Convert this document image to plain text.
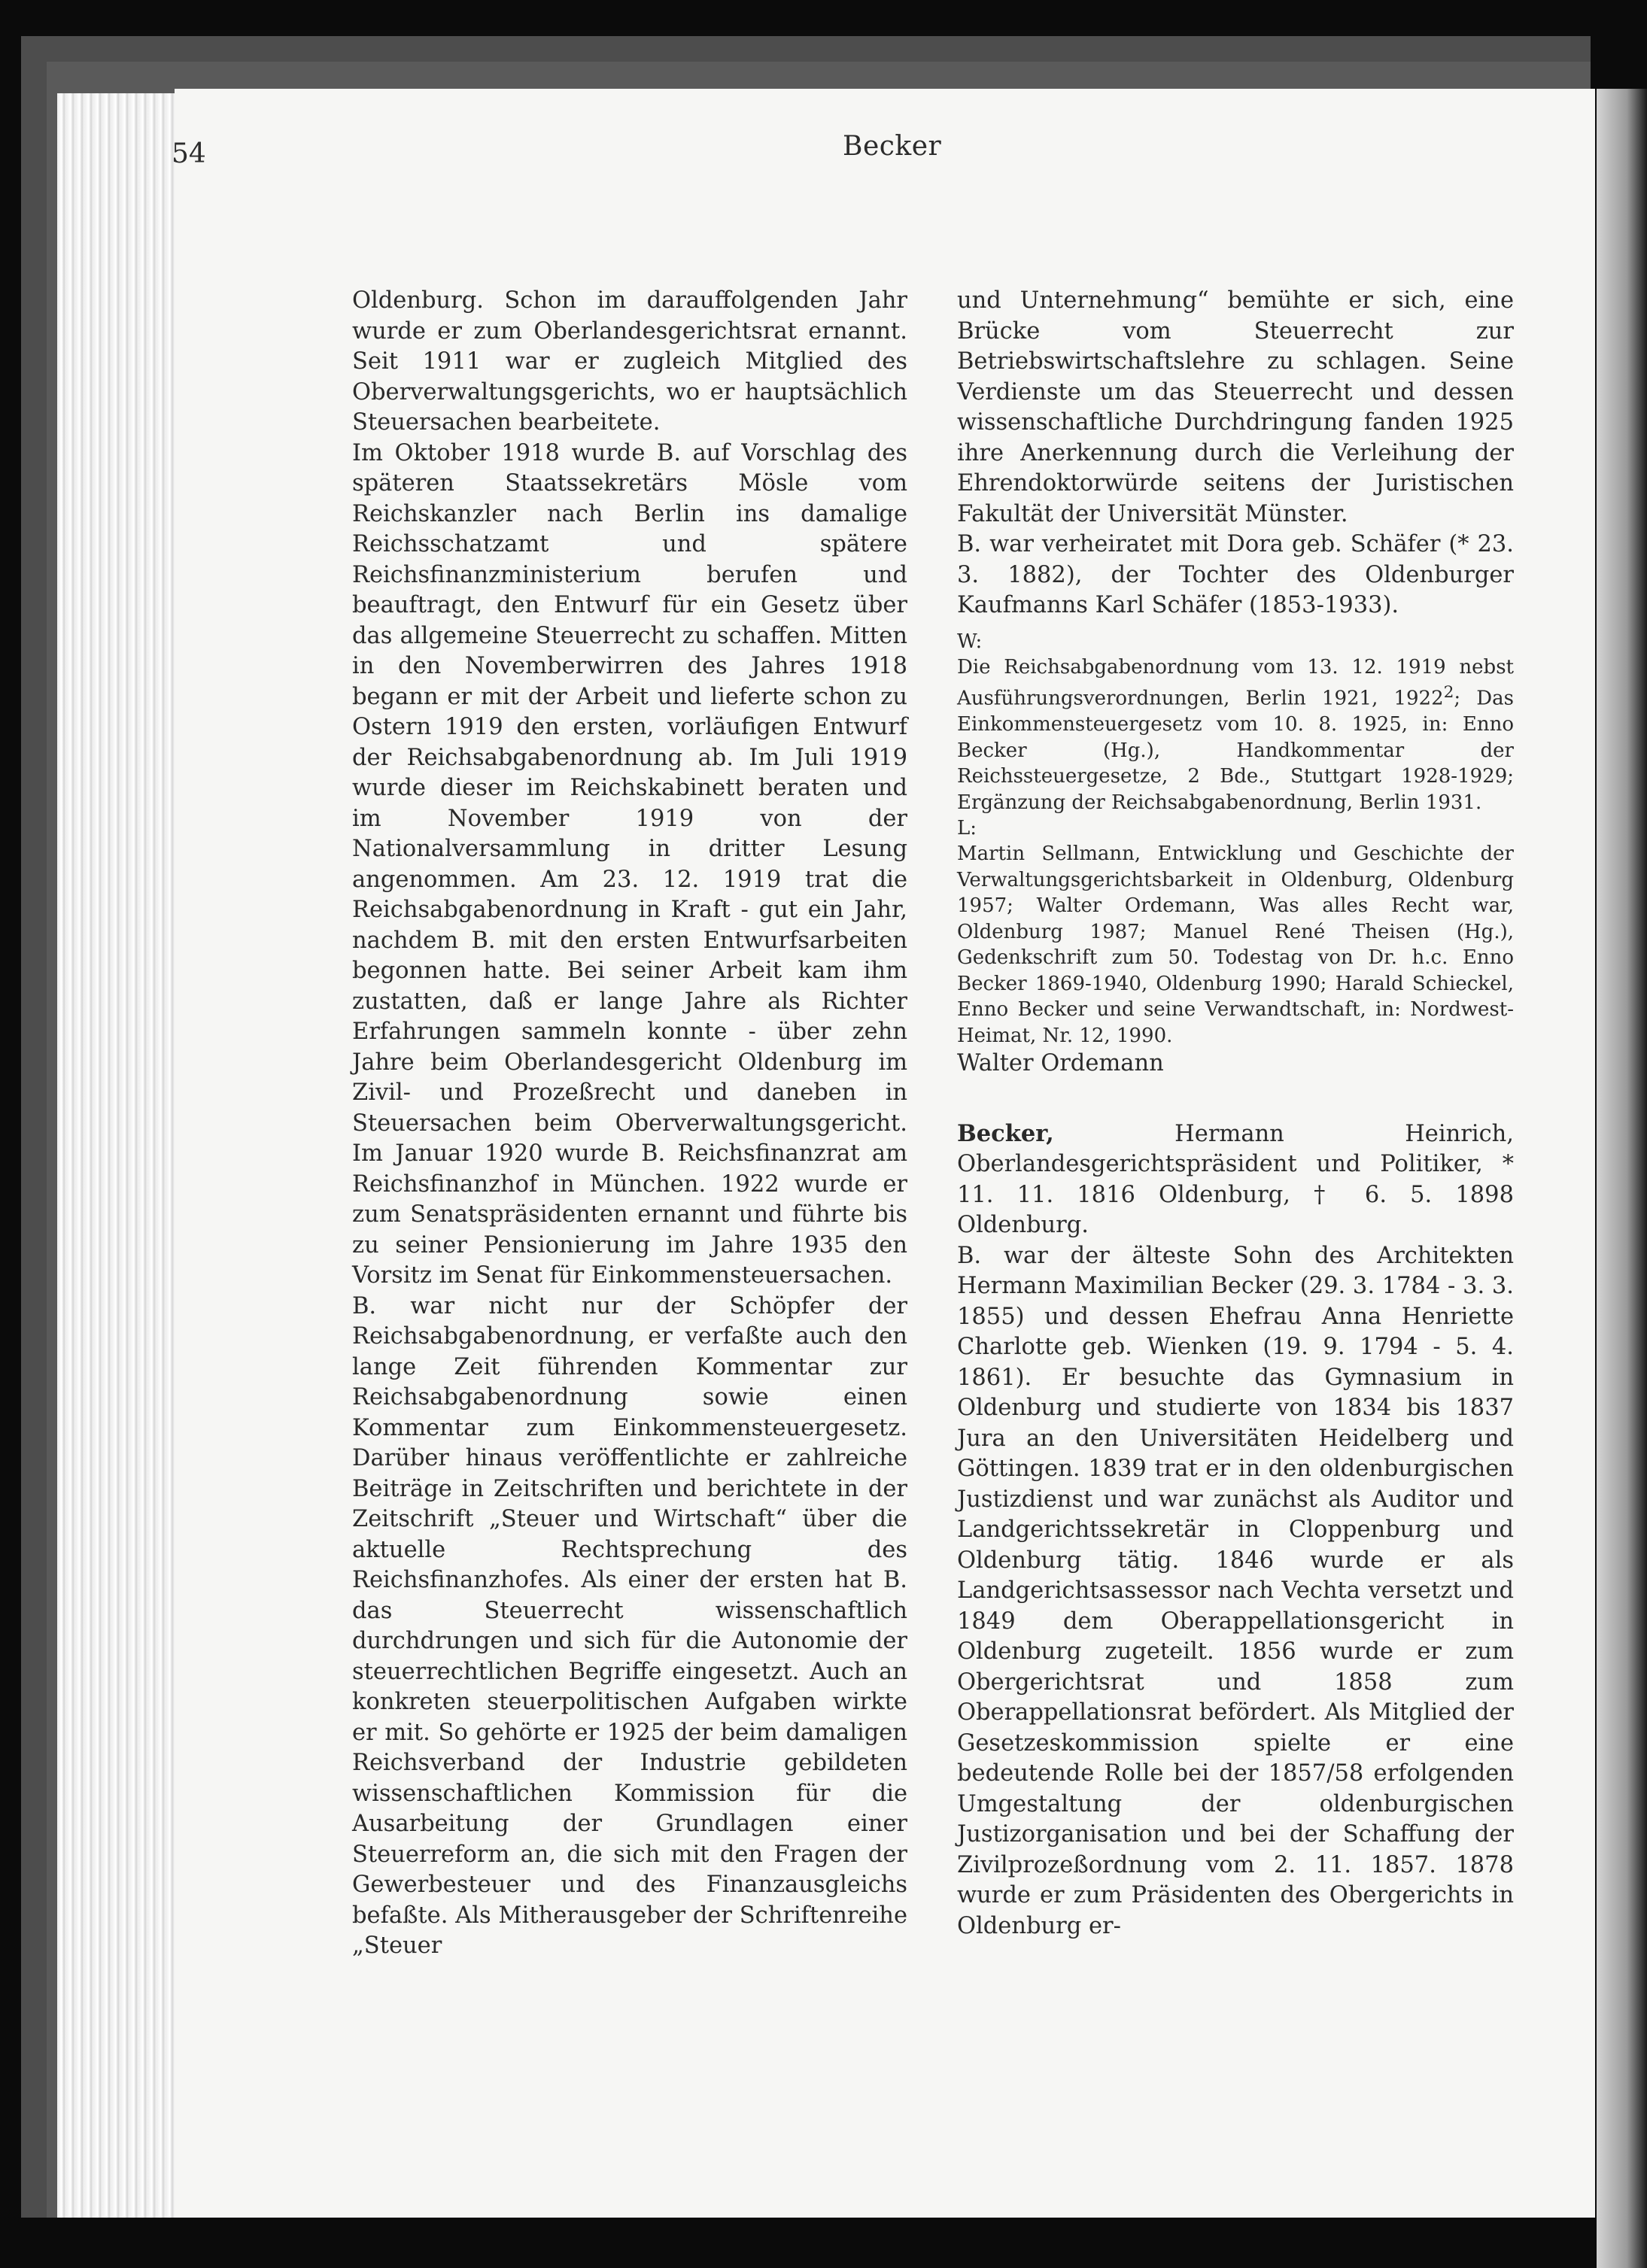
54	Becker

Oldenburg. Schon im darauffolgenden Jahr wurde er zum Oberlandesgerichtsrat ernannt. Seit 1911 war er zugleich Mitglied des Oberverwaltungsgerichts, wo er hauptsächlich Steuersachen bearbeitete.

Im Oktober 1918 wurde B. auf Vorschlag des späteren Staatssekretärs Mösle vom Reichskanzler nach Berlin ins damalige Reichsschatzamt und spätere Reichsfinanzministerium berufen und beauftragt, den Entwurf für ein Gesetz über das allgemeine Steuerrecht zu schaffen. Mitten in den Novemberwirren des Jahres 1918 begann er mit der Arbeit und lieferte schon zu Ostern 1919 den ersten, vorläufigen Entwurf der Reichsabgabenordnung ab. Im Juli 1919 wurde dieser im Reichskabinett beraten und im November 1919 von der Nationalversammlung in dritter Lesung angenommen. Am 23. 12. 1919 trat die Reichsabgabenordnung in Kraft - gut ein Jahr, nachdem B. mit den ersten Entwurfsarbeiten begonnen hatte. Bei seiner Arbeit kam ihm zustatten, daß er lange Jahre als Richter Erfahrungen sammeln konnte - über zehn Jahre beim Oberlandesgericht Oldenburg im Zivil- und Prozeßrecht und daneben in Steuersachen beim Oberverwaltungsgericht. Im Januar 1920 wurde B. Reichsfinanzrat am Reichsfinanzhof in München. 1922 wurde er zum Senatspräsidenten ernannt und führte bis zu seiner Pensionierung im Jahre 1935 den Vorsitz im Senat für Einkommensteuersachen.

B. war nicht nur der Schöpfer der Reichsabgabenordnung, er verfaßte auch den lange Zeit führenden Kommentar zur Reichsabgabenordnung sowie einen Kommentar zum Einkommensteuergesetz. Darüber hinaus veröffentlichte er zahlreiche Beiträge in Zeitschriften und berichtete in der Zeitschrift „Steuer und Wirtschaft“ über die aktuelle Rechtsprechung des Reichsfinanzhofes. Als einer der ersten hat B. das Steuerrecht wissenschaftlich durchdrungen und sich für die Autonomie der steuerrechtlichen Begriffe eingesetzt. Auch an konkreten steuerpolitischen Aufgaben wirkte er mit. So gehörte er 1925 der beim damaligen Reichsverband der Industrie gebildeten wissenschaftlichen Kommission für die Ausarbeitung der Grundlagen einer Steuerreform an, die sich mit den Fragen der Gewerbesteuer und des Finanzausgleichs befaßte. Als Mitherausgeber der Schriftenreihe „Steuer

und Unternehmung“ bemühte er sich, eine Brücke vom Steuerrecht zur Betriebswirtschaftslehre zu schlagen. Seine Verdienste um das Steuerrecht und dessen wissenschaftliche Durchdringung fanden 1925 ihre Anerkennung durch die Verleihung der Ehrendoktorwürde seitens der Juristischen Fakultät der Universität Münster.

B. war verheiratet mit Dora geb. Schäfer (* 23. 3. 1882), der Tochter des Oldenburger Kaufmanns Karl Schäfer (1853-1933).

W:

Die Reichsabgabenordnung vom 13. 12. 1919 nebst Ausführungsverordnungen, Berlin 1921, 1922$^2$; Das Einkommensteuergesetz vom 10. 8. 1925, in: Enno Becker (Hg.), Handkommentar der Reichssteuergesetze, 2 Bde., Stuttgart 1928-1929; Ergänzung der Reichsabgabenordnung, Berlin 1931.

L:

Martin Sellmann, Entwicklung und Geschichte der Verwaltungsgerichtsbarkeit in Oldenburg, Oldenburg 1957; Walter Ordemann, Was alles Recht war, Oldenburg 1987; Manuel René Theisen (Hg.), Gedenkschrift zum 50. Todestag von Dr. h.c. Enno Becker 1869-1940, Oldenburg 1990; Harald Schieckel, Enno Becker und seine Verwandtschaft, in: Nordwest-Heimat, Nr. 12, 1990.

Walter Ordemann

Becker, Hermann Heinrich, Oberlandesgerichtspräsident und Politiker, * 11. 11. 1816 Oldenburg, † 6. 5. 1898 Oldenburg.

B. war der älteste Sohn des Architekten Hermann Maximilian Becker (29. 3. 1784 - 3. 3. 1855) und dessen Ehefrau Anna Henriette Charlotte geb. Wienken (19. 9. 1794 - 5. 4. 1861). Er besuchte das Gymnasium in Oldenburg und studierte von 1834 bis 1837 Jura an den Universitäten Heidelberg und Göttingen. 1839 trat er in den oldenburgischen Justizdienst und war zunächst als Auditor und Landgerichtssekretär in Cloppenburg und Oldenburg tätig. 1846 wurde er als Landgerichtsassessor nach Vechta versetzt und 1849 dem Oberappellationsgericht in Oldenburg zugeteilt. 1856 wurde er zum Obergerichtsrat und 1858 zum Oberappellationsrat befördert. Als Mitglied der Gesetzeskommission spielte er eine bedeutende Rolle bei der 1857/58 erfolgenden Umgestaltung der oldenburgischen Justizorganisation und bei der Schaffung der Zivilprozeßordnung vom 2. 11. 1857. 1878 wurde er zum Präsidenten des Obergerichts in Oldenburg er-
